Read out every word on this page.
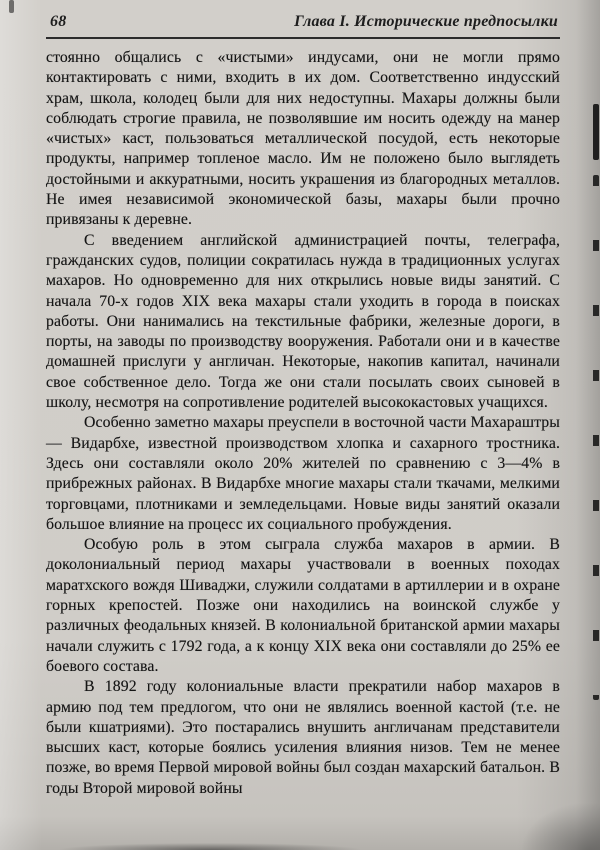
68	Глава I. Исторические предпосылки

стоянно общались с «чистыми» индусами, они не могли прямо контактировать с ними, входить в их дом. Соответственно индусский храм, школа, колодец были для них недоступны. Махары должны были соблюдать строгие правила, не позволявшие им носить одежду на манер «чистых» каст, пользоваться металлической посудой, есть некоторые продукты, например топленое масло. Им не положено было выглядеть достойными и аккуратными, носить украшения из благородных металлов. Не имея независимой экономической базы, махары были прочно привязаны к деревне.

С введением английской администрацией почты, телеграфа, гражданских судов, полиции сократилась нужда в традиционных услугах махаров. Но одновременно для них открылись новые виды занятий. С начала 70-х годов XIX века махары стали уходить в города в поисках работы. Они нанимались на текстильные фабрики, железные дороги, в порты, на заводы по производству вооружения. Работали они и в качестве домашней прислуги у англичан. Некоторые, накопив капитал, начинали свое собственное дело. Тогда же они стали посылать своих сыновей в школу, несмотря на сопротивление родителей высококастовых учащихся.

Особенно заметно махары преуспели в восточной части Махараштры — Видарбхе, известной производством хлопка и сахарного тростника. Здесь они составляли около 20% жителей по сравнению с 3—4% в прибрежных районах. В Видарбхе многие махары стали ткачами, мелкими торговцами, плотниками и земледельцами. Новые виды занятий оказали большое влияние на процесс их социального пробуждения.

Особую роль в этом сыграла служба махаров в армии. В доколониальный период махары участвовали в военных походах маратхского вождя Шиваджи, служили солдатами в артиллерии и в охране горных крепостей. Позже они находились на воинской службе у различных феодальных князей. В колониальной британской армии махары начали служить с 1792 года, а к концу XIX века они составляли до 25% ее боевого состава.

В 1892 году колониальные власти прекратили набор махаров в армию под тем предлогом, что они не являлись военной кастой (т.е. не были кшатриями). Это постарались внушить англичанам представители высших каст, которые боялись усиления влияния низов. Тем не менее позже, во время Первой мировой войны был создан махарский батальон. В годы Второй мировой войны
